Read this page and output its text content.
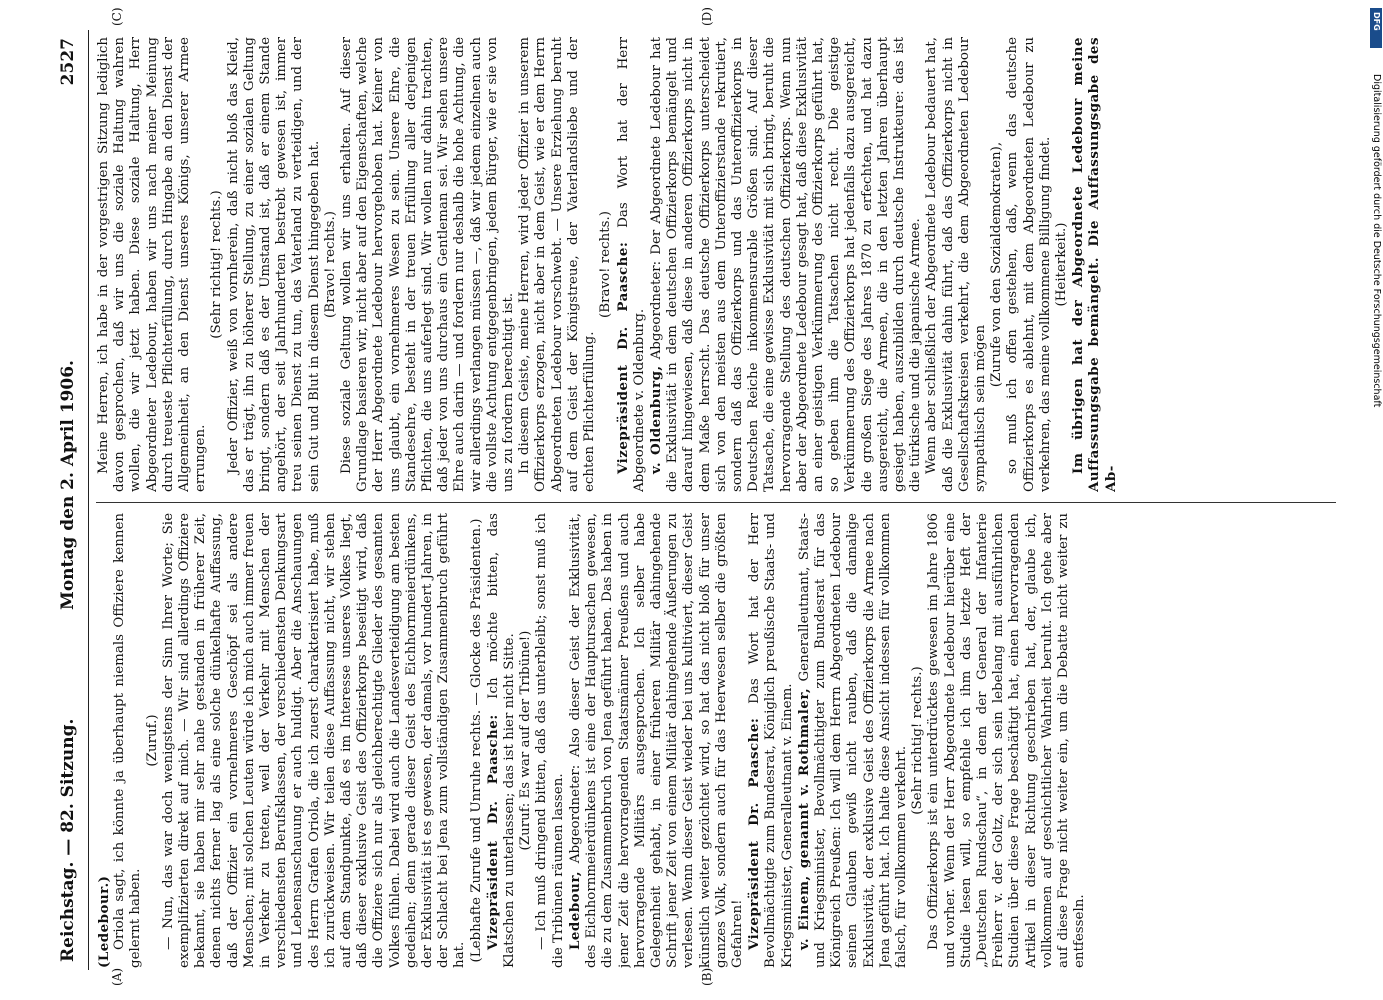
Reichstag. — 82. Sitzung.
Montag den 2. April 1906.
2527
(A)	(B)
(C)	(D)

(Ledebour.) Oriola sagt, ich könnte ja überhaupt niemals Offiziere kennen gelernt haben.

(Zuruf.) — Nun, das war doch wenigstens der Sinn Ihrer Worte; Sie exemplifizierten direkt auf mich. — Wir sind allerdings Offiziere bekannt, sie haben mir sehr nahe gestanden in früherer Zeit, denen nichts ferner lag als eine solche dünkelhafte Auffassung, daß der Offizier ein vornehmeres Geschöpf sei als andere Menschen; mit solchen Leuten würde ich mich auch immer freuen in Verkehr zu treten, weil der Verkehr mit Menschen der verschiedensten Berufsklassen, der verschiedensten Denkungsart und Lebensanschauung er auch huldigt. Aber die Anschauungen des Herrn Grafen Oriola, die ich zuerst charakterisiert habe, muß ich zurückweisen. Wir teilen diese Auffassung nicht, wir stehen auf dem Standpunkte, daß es im Interesse unseres Volkes liegt, daß dieser exklusive Geist des Offizierkorps beseitigt wird, daß die Offiziere sich nur als gleichberechtigte Glieder des gesamten Volkes fühlen. Dabei wird auch die Landesverteidigung am besten gedeihen; denn gerade dieser Geist des Eichhornmeierdünkens, der Exklusivität ist es gewesen, der damals, vor hundert Jahren, in der Schlacht bei Jena zum vollständigen Zusammenbruch geführt hat. (Lebhafte Zurufe und Unruhe rechts. — Glocke des Präsidenten.) Vizepräsident Dr. Paasche: Ich möchte bitten, das Klatschen zu unterlassen; das ist hier nicht Sitte. (Zuruf: Es war auf der Tribüne!) — Ich muß dringend bitten, daß das unterbleibt; sonst muß ich die Tribünen räumen lassen. Ledebour, Abgeordneter: Also dieser Geist der Exklusivität, des Eichhornmeierdünkens ist eine der Hauptursachen gewesen, die zu dem Zusammenbruch von Jena geführt haben. Das haben in jener Zeit die hervorragenden Staatsmänner Preußens und auch hervorragende Militärs ausgesprochen. Ich selber habe Gelegenheit gehabt, in einer früheren Militär dahingehende Schrift jener Zeit von einem Militär dahingehende Äußerungen zu verlesen. Wenn dieser Geist wieder bei uns kultiviert, dieser Geist künstlich weiter gezüchtet wird, so hat das nicht bloß für unser ganzes Volk, sondern auch für das Heerwesen selber die größten Gefahren! Vizepräsident Dr. Paasche: Das Wort hat der Herr Bevollmächtigte zum Bundesrat, Königlich preußische Staats- und Kriegsminister, Generalleutnant v. Einem. v. Einem, genannt v. Rothmaler, Generalleutnant, Staats- und Kriegsminister, Bevollmächtigter zum Bundesrat für das Königreich Preußen: Ich will dem Herrn Abgeordneten Ledebour seinen Glauben gewiß nicht rauben, daß die damalige Exklusivität, der exklusive Geist des Offizierkorps die Armee nach Jena geführt hat. Ich halte diese Ansicht indessen für vollkommen falsch, für vollkommen verkehrt.

(Sehr richtig! rechts.) Das Offizierkorps ist ein unterdrücktes gewesen im Jahre 1806 und vorher. Wenn der Herr Abgeordnete Ledebour hierüber eine Studie lesen will, so empfehle ich ihm das letzte Heft der „Deutschen Rundschau“, in dem der General der Infanterie Freiherr v. der Goltz, der sich sein lebelang mit ausführlichen Studien über diese Frage beschäftigt hat, einen hervorragenden Artikel in dieser Richtung geschrieben hat, der, glaube ich, vollkommen auf geschichtlicher Wahrheit beruht. Ich gehe aber auf diese Frage nicht weiter ein, um die Debatte nicht weiter zu entfesseln.

Meine Herren, ich habe in der vorgestrigen Sitzung lediglich davon gesprochen, daß wir uns die soziale Haltung wahren wollen, die wir jetzt haben. Diese soziale Haltung, Herr Abgeordneter Ledebour, haben wir uns nach meiner Meinung durch treueste Pflichterfüllung, durch Hingabe an den Dienst der Allgemeinheit, an den Dienst unseres Königs, unserer Armee errungen.

(Sehr richtig! rechts.) Jeder Offizier, weiß von vornherein, daß nicht bloß das Kleid, das er trägt, ihn zu höherer Stellung, zu einer sozialen Geltung bringt, sondern daß es der Umstand ist, daß er einem Stande angehört, der seit Jahrhunderten bestrebt gewesen ist, immer treu seinen Dienst zu tun, das Vaterland zu verteidigen, und der sein Gut und Blut in diesem Dienst hingegeben hat. (Bravo! rechts.) Diese soziale Geltung wollen wir uns erhalten. Auf dieser Grundlage basieren wir, nicht aber auf den Eigenschaften, welche der Herr Abgeordnete Ledebour hervorgehoben hat. Keiner von uns glaubt, ein vornehmeres Wesen zu sein. Unsere Ehre, die Standesehre, besteht in der treuen Erfüllung aller derjenigen Pflichten, die uns auferlegt sind. Wir wollen nur dahin trachten, daß jeder von uns durchaus ein Gentleman sei. Wir sehen unsere Ehre auch darin — und fordern nur deshalb die hohe Achtung, die wir allerdings verlangen müssen —, daß wir jedem einzelnen auch die vollste Achtung entgegenbringen, jedem Bürger, wie er sie von uns zu fordern berechtigt ist. In diesem Geiste, meine Herren, wird jeder Offizier in unserem Offizierkorps erzogen, nicht aber in dem Geist, wie er dem Herrn Abgeordneten Ledebour vorschwebt. — Unsere Erziehung beruht auf dem Geist der Königstreue, der Vaterlandsliebe und der echten Pflichterfüllung.

(Bravo! rechts.) Vizepräsident Dr. Paasche: Das Wort hat der Herr Abgeordnete v. Oldenburg. v. Oldenburg, Abgeordneter: Der Abgeordnete Ledebour hat die Exklusivität in dem deutschen Offizierkorps bemängelt und darauf hingewiesen, daß diese in anderen Offizierkorps nicht in dem Maße herrscht. Das deutsche Offizierkorps unterscheidet sich von den meisten aus dem Unteroffizierstande rekrutiert, sondern daß das Offizierkorps und das Unteroffizierkorps in Deutschen Reiche inkommensurable Größen sind. Auf dieser Tatsache, die eine gewisse Exklusivität mit sich bringt, beruht die hervorragende Stellung des deutschen Offizierkorps. Wenn nun aber der Abgeordnete Ledebour gesagt hat, daß diese Exklusivität an einer geistigen Verkümmerung des Offizierkorps geführt hat, so geben ihm die Tatsachen nicht recht. Die geistige Verkümmerung des Offizierkorps hat jedenfalls dazu ausgereicht, die großen Siege des Jahres 1870 zu erfechten, und hat dazu ausgereicht, die Armeen, die in den letzten Jahren überhaupt gesiegt haben, auszubilden durch deutsche Instrukteure: das ist die türkische und die japanische Armee. Wenn aber schließlich der Abgeordnete Ledebour bedauert hat, daß die Exklusivität dahin führt, daß das Offizierkorps nicht in Gesellschaftskreisen verkehrt, die dem Abgeordneten Ledebour sympathisch sein mögen

(Zurufe von den Sozialdemokraten), so muß ich offen gestehen, daß, wenn das deutsche Offizierkorps es ablehnt, mit dem Abgeordneten Ledebour zu verkehren, das meine vollkommene Billigung findet. (Heiterkeit.) Im übrigen hat der Abgeordnete Ledebour meine Auffassungsgabe bemängelt. Die Auffassungsgabe des Ab-

DFG
Digitalisierung gefördert durch die Deutsche Forschungsgemeinschaft
